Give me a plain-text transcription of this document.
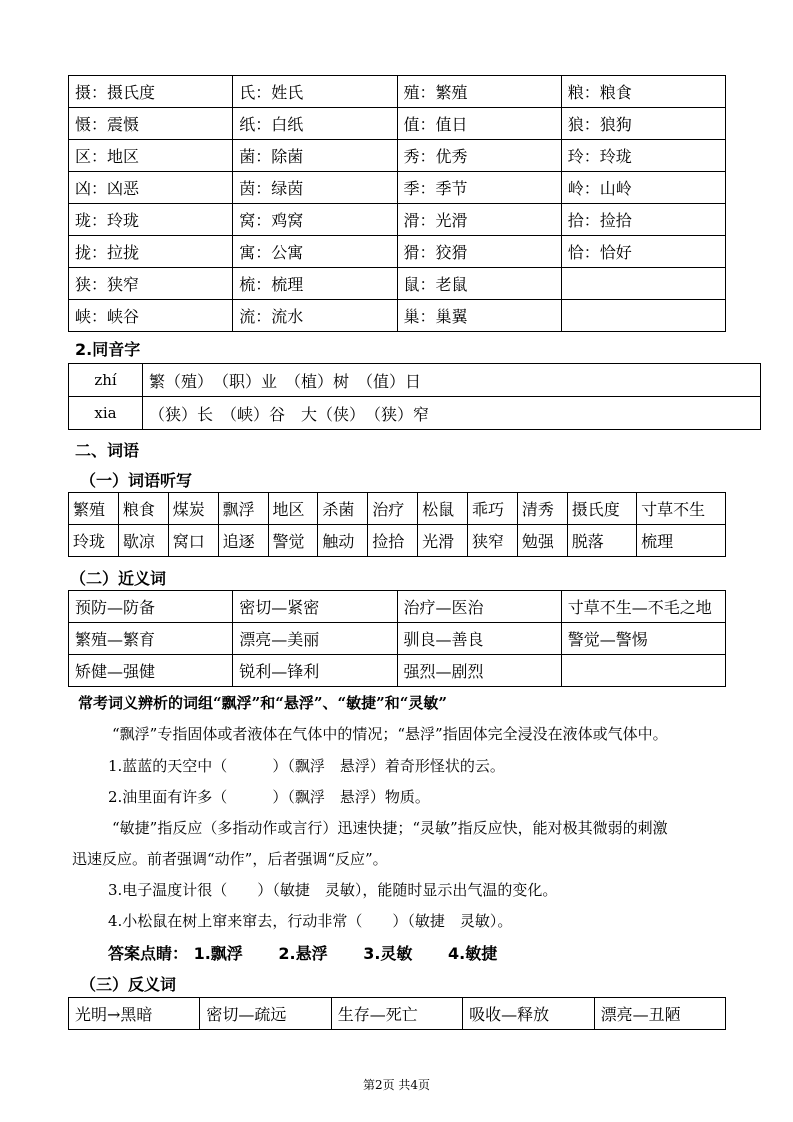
摄：摄氏度	氏：姓氏	殖：繁殖	粮：粮食
慑：震慑	纸：白纸	值：值日	狼：狼狗
区：地区	菌：除菌	秀：优秀	玲：玲珑
凶：凶恶	茵：绿茵	季：季节	岭：山岭
珑：玲珑	窝：鸡窝	滑：光滑	拾：捡拾
拢：拉拢	寓：公寓	猾：狡猾	恰：恰好
狭：狭窄	梳：梳理	鼠：老鼠	
峡：峡谷	流：流水	巢：巢翼	
2.同音字
zhí	繁（殖）　（职）业　（植）树　（值）日
xia	（狭）长　（峡）谷　大（侠）　（狭）窄
二、词语
（一）词语听写
繁殖	粮食	煤炭	飘浮	地区	杀菌	治疗	松鼠	乖巧	清秀	摄氏度	寸草不生
玲珑	歇凉	窝口	追逐	警觉	触动	捡拾	光滑	狭窄	勉强	脱落	梳理
（二）近义词
预防—防备	密切—紧密	治疗—医治	寸草不生—不毛之地
繁殖—繁育	漂亮—美丽	驯良—善良	警觉—警惕
矫健—强健	锐利—锋利	强烈—剧烈	
常考词义辨析的词组“飘浮”和“悬浮”、“敏捷”和“灵敏”
“飘浮”专指固体或者液体在气体中的情况；“悬浮”指固体完全浸没在液体或气体中。
1.蓝蓝的天空中（　　　）（飘浮　悬浮）着奇形怪状的云。
2.油里面有许多（　　　）（飘浮　悬浮）物质。
“敏捷”指反应（多指动作或言行）迅速快捷；“灵敏”指反应快，能对极其微弱的刺激
迅速反应。前者强调“动作”，后者强调“反应”。
3.电子温度计很（　　）（敏捷　灵敏），能随时显示出气温的变化。
4.小松鼠在树上窜来窜去，行动非常（　　）（敏捷　灵敏）。
答案点睛： 1.飘浮 2.悬浮 3.灵敏 4.敏捷
（三）反义词
光明→黑暗	密切—疏远	生存—死亡	吸收—释放	漂亮—丑陋
第2页 共4页
